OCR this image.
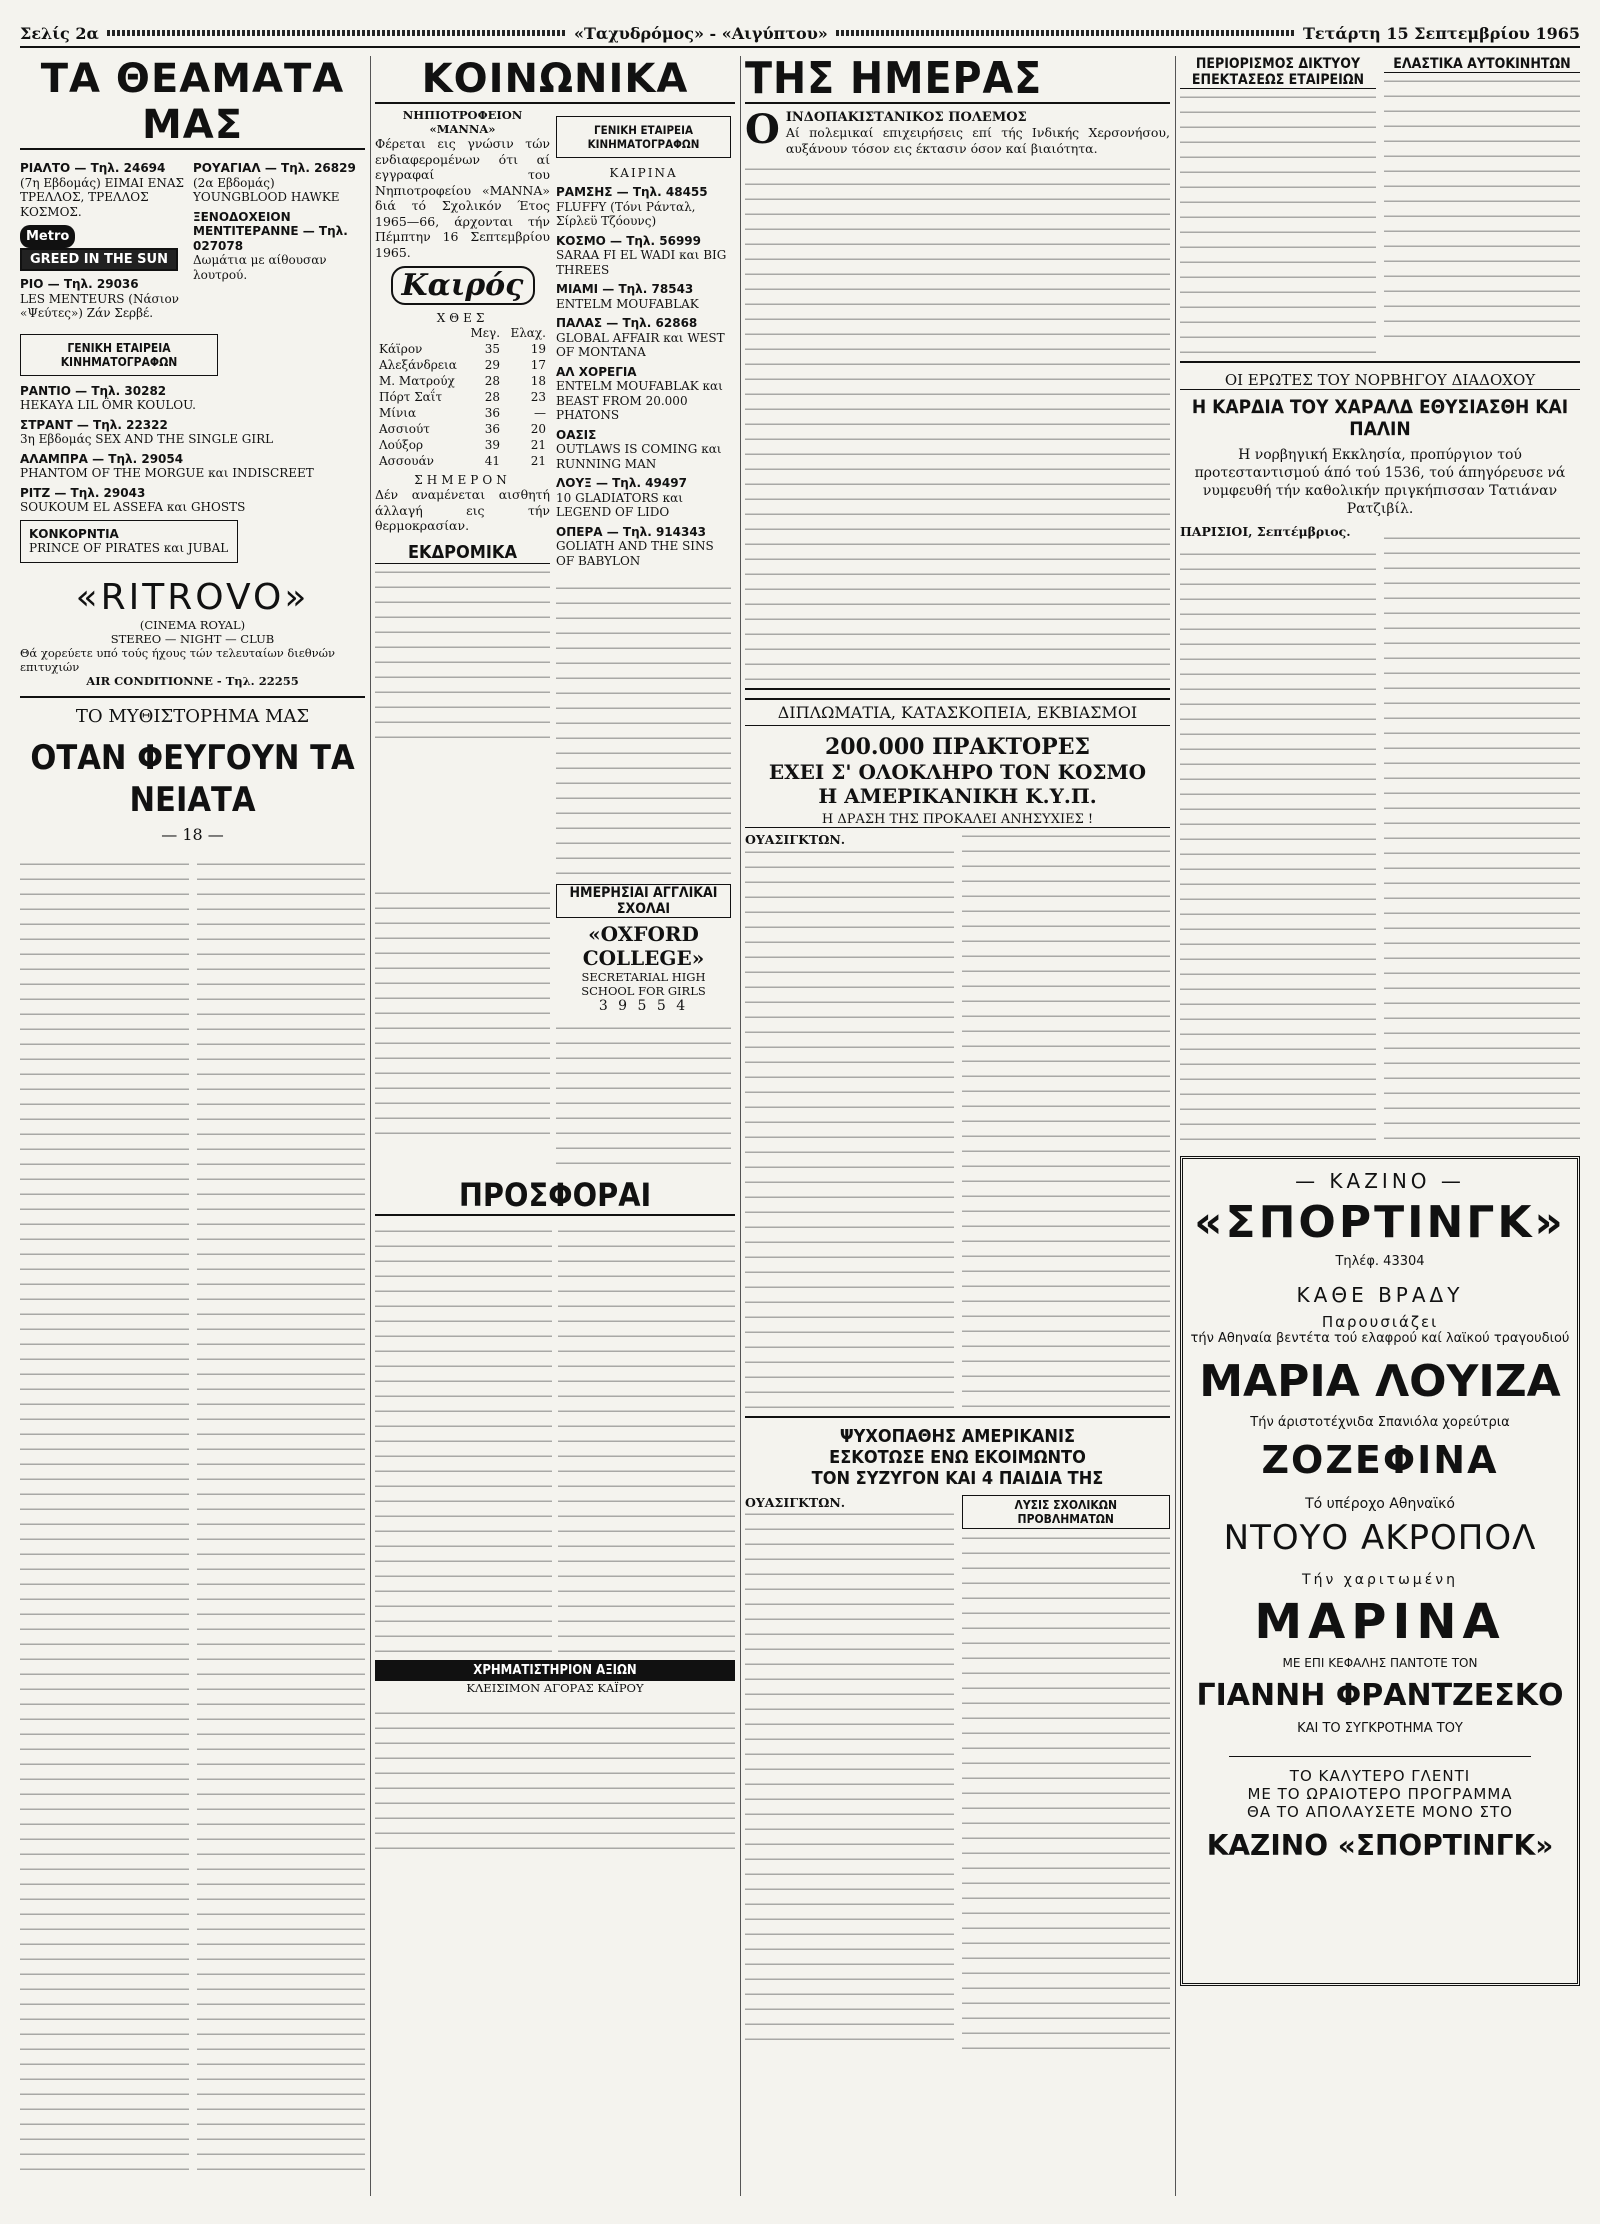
Σελίς 2α	«Ταχυδρόμος» - «Αιγύπτου»	Τετάρτη 15 Σεπτεμβρίου 1965
ΤΑ ΘΕΑΜΑΤΑ ΜΑΣ
ΡΙΑΛΤΟ — Τηλ. 24694
(7η Εβδομάς) ΕΙΜΑΙ ΕΝΑΣ ΤΡΕΛΛΟΣ, ΤΡΕΛΛΟΣ ΚΟΣΜΟΣ.
Metro GREED IN THE SUN
ΡΙΟ — Τηλ. 29036
LES MENTEURS (Νάσιον «Ψεύτες») Ζάν Σερβέ.
ΡΟΥΑΓΙΑΛ — Τηλ. 26829
(2α Εβδομάς) YOUNGBLOOD HAWKE
ΞΕΝΟΔΟΧΕΙΟΝ ΜΕΝΤΙΤΕΡΑΝΝΕ — Τηλ. 027078
Δωμάτια με αίθουσαν λουτρού.
ΓΕΝΙΚΗ ΕΤΑΙΡΕΙΑ ΚΙΝΗΜΑΤΟΓΡΑΦΩΝ
ΡΑΝΤΙΟ — Τηλ. 30282
ΗΕΚΑΥΑ LIL ÖMR KOULOU.
ΣΤΡΑΝΤ — Τηλ. 22322
3η Εβδομάς SEX AND THE SINGLE GIRL
ΑΛΑΜΠΡΑ — Τηλ. 29054
PHANTOM OF THE MORGUE και INDISCREET
ΡΙΤΖ — Τηλ. 29043
SOUKOUM EL ASSEFA και GHOSTS
ΚΟΝΚΟΡΝΤΙΑ
PRINCE OF PIRATES και JUBAL
«RITROVO»
(CINEMA ROYAL)
STEREO — NIGHT — CLUB
Θά χορεύετε υπό τούς ήχους τών τελευταίων διεθνών επιτυχιών
AIR CONDITIONNE - Τηλ. 22255
ΤΟ ΜΥΘΙΣΤΟΡΗΜΑ ΜΑΣ
ΟΤΑΝ ΦΕΥΓΟΥΝ ΤΑ ΝΕΙΑΤΑ
— 18 —
ΚΟΙΝΩΝΙΚΑ
ΝΗΠΙΟΤΡΟΦΕΙΟΝ «ΜΑΝΝΑ»
Φέρεται εις γνώσιν τών ενδιαφερομένων ότι αί εγγραφαί του Νηπιοτροφείου «ΜΑΝΝΑ» διά τό Σχολικόν Έτος 1965—66, άρχονται τήν Πέμπτην 16 Σεπτεμβρίου 1965.
Καιρός
ΧΘΕΣ
	Μεγ.	Ελαχ.
Κάϊρον	35	19
Αλεξάνδρεια	29	17
Μ. Ματρούχ	28	18
Πόρτ Σαΐτ	28	23
Μίνια	36	—
Ασσιούτ	36	20
Λούξορ	39	21
Ασσουάν	41	21
ΣΗΜΕΡΟΝ
Δέν αναμένεται αισθητή άλλαγή εις τήν θερμοκρασίαν.
ΕΚΔΡΟΜΙΚΑ
ΓΕΝΙΚΗ ΕΤΑΙΡΕΙΑ ΚΙΝΗΜΑΤΟΓΡΑΦΩΝ
ΚΑΙΡΙΝΑ
ΡΑΜΣΗΣ — Τηλ. 48455
FLUFFY (Τόνι Ράνταλ, Σίρλεϋ Τζόουνς)
ΚΟΣΜΟ — Τηλ. 56999
SARAA FI EL WADI και BIG THREES
ΜΙΑΜΙ — Τηλ. 78543
ENTELM MOUFABLAK
ΠΑΛΑΣ — Τηλ. 62868
GLOBAL AFFAIR και WEST OF MONTANA
ΑΛ ΧΟΡΕΓΙΑ
ENTELM MOUFABLAK και BEAST FROM 20.000 PHATONS
ΟΑΣΙΣ
OUTLAWS IS COMING και RUNNING MAN
ΛΟΥΞ — Τηλ. 49497
10 GLADIATORS και LEGEND OF LIDO
ΟΠΕΡΑ — Τηλ. 914343
GOLIATH AND THE SINS OF BABYLON
ΗΜΕΡΗΣΙΑΙ ΑΓΓΛΙΚΑΙ ΣΧΟΛΑΙ
«OXFORD COLLEGE»
SECRETARIAL HIGH SCHOOL FOR GIRLS
3 9 5 5 4
ΠΡΟΣΦΟΡΑΙ
ΧΡΗΜΑΤΙΣΤΗΡΙΟΝ ΑΞΙΩΝ
ΚΛΕΙΣΙΜΟΝ ΑΓΟΡΑΣ ΚΑΪΡΟΥ
ΤΗΣ ΗΜΕΡΑΣ
Ο ΙΝΔΟΠΑΚΙΣΤΑΝΙΚΟΣ ΠΟΛΕΜΟΣ
Αί πολεμικαί επιχειρήσεις επί τής Ινδικής Χερσονήσου, αυξάνουν τόσον εις έκτασιν όσον καί βιαιότητα.
ΔΙΠΛΩΜΑΤΙΑ, ΚΑΤΑΣΚΟΠΕΙΑ, ΕΚΒΙΑΣΜΟΙ
200.000 ΠΡΑΚΤΟΡΕΣ
ΕΧΕΙ Σ' ΟΛΟΚΛΗΡΟ ΤΟΝ ΚΟΣΜΟ
Η ΑΜΕΡΙΚΑΝΙΚΗ Κ.Υ.Π.
Η ΔΡΑΣΗ ΤΗΣ ΠΡΟΚΑΛΕΙ ΑΝΗΣΥΧΙΕΣ !
ΟΥΑΣΙΓΚΤΩΝ.
ΨΥΧΟΠΑΘΗΣ ΑΜΕΡΙΚΑΝΙΣ
ΕΣΚΟΤΩΣΕ ΕΝΩ ΕΚΟΙΜΩΝΤΟ
ΤΟΝ ΣΥΖΥΓΟΝ ΚΑΙ 4 ΠΑΙΔΙΑ ΤΗΣ
ΟΥΑΣΙΓΚΤΩΝ.	ΛΥΣΙΣ ΣΧΟΛΙΚΩΝ ΠΡΟΒΛΗΜΑΤΩΝ
ΠΕΡΙΟΡΙΣΜΟΣ ΔΙΚΤΥΟΥ ΕΠΕΚΤΑΣΕΩΣ ΕΤΑΙΡΕΙΩΝ
ΕΛΑΣΤΙΚΑ ΑΥΤΟΚΙΝΗΤΩΝ
ΟΙ ΕΡΩΤΕΣ ΤΟΥ ΝΟΡΒΗΓΟΥ ΔΙΑΔΟΧΟΥ
Η ΚΑΡΔΙΑ ΤΟΥ ΧΑΡΑΛΔ ΕΘΥΣΙΑΣΘΗ ΚΑΙ ΠΑΛΙΝ
Η νορβηγική Εκκλησία, προπύργιον τού προτεσταντισμού άπό τού 1536, τού άπηγόρευσε νά νυμφευθή τήν καθολικήν πριγκήπισσαν Τατιάναν Ρατζιβίλ.
ΠΑΡΙΣΙΟΙ, Σεπτέμβριος.
— ΚΑΖΙΝΟ —
«ΣΠΟΡΤΙΝΓΚ»
Τηλέφ. 43304
ΚΑΘΕ ΒΡΑΔΥ
Παρουσιάζει
τήν Αθηναία βεντέτα τού ελαφρού καί λαϊκού τραγουδιού
ΜΑΡΙΑ ΛΟΥΙΖΑ
Τήν άριστοτέχνιδα Σπανιόλα χορεύτρια
ΖΟΖΕΦΙΝΑ
Τό υπέροχο Αθηναϊκό
ΝΤΟΥΟ ΑΚΡΟΠΟΛ
Τήν χαριτωμένη
ΜΑΡΙΝΑ
ΜΕ ΕΠΙ ΚΕΦΑΛΗΣ ΠΑΝΤΟΤΕ ΤΟΝ
ΓΙΑΝΝΗ ΦΡΑΝΤΖΕΣΚΟ
ΚΑΙ ΤΟ ΣΥΓΚΡΟΤΗΜΑ ΤΟΥ
ΤΟ ΚΑΛΥΤΕΡΟ ΓΛΕΝΤΙ
ΜΕ ΤΟ ΩΡΑΙΟΤΕΡΟ ΠΡΟΓΡΑΜΜΑ
ΘΑ ΤΟ ΑΠΟΛΑΥΣΕΤΕ ΜΟΝΟ ΣΤΟ
ΚΑΖΙΝΟ «ΣΠΟΡΤΙΝΓΚ»
